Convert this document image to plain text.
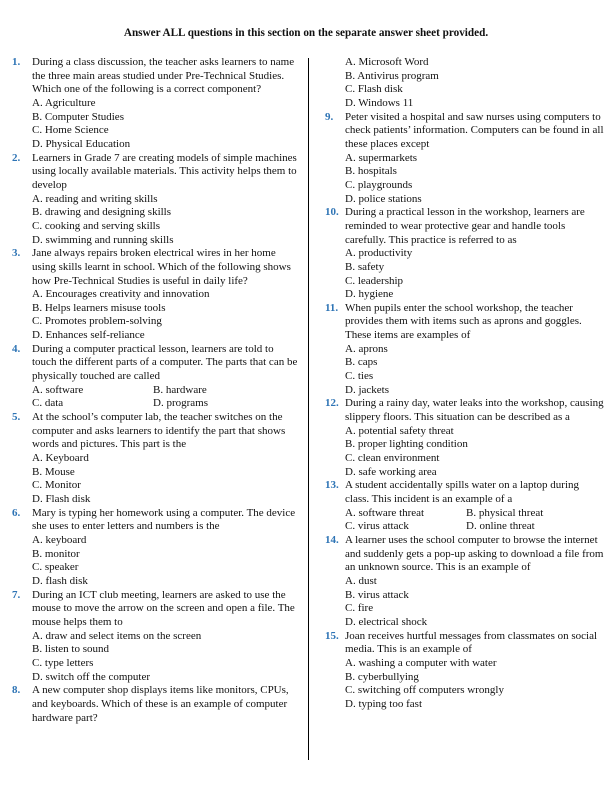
Answer ALL questions in this section on the separate answer sheet provided.
1. During a class discussion, the teacher asks learners to name the three main areas studied under Pre-Technical Studies. Which one of the following is a correct component?
A. Agriculture
B. Computer Studies
C. Home Science
D. Physical Education
2. Learners in Grade 7 are creating models of simple machines using locally available materials. This activity helps them to develop
A. reading and writing skills
B. drawing and designing skills
C. cooking and serving skills
D. swimming and running skills
3. Jane always repairs broken electrical wires in her home using skills learnt in school. Which of the following shows how Pre-Technical Studies is useful in daily life?
A. Encourages creativity and innovation
B. Helps learners misuse tools
C. Promotes problem-solving
D. Enhances self-reliance
4. During a computer practical lesson, learners are told to touch the different parts of a computer. The parts that can be physically touched are called
A. software	B. hardware
C. data	D. programs
5. At the school’s computer lab, the teacher switches on the computer and asks learners to identify the part that shows words and pictures. This part is the
A. Keyboard
B. Mouse
C. Monitor
D. Flash disk
6. Mary is typing her homework using a computer. The device she uses to enter letters and numbers is the
A. keyboard
B. monitor
C. speaker
D. flash disk
7. During an ICT club meeting, learners are asked to use the mouse to move the arrow on the screen and open a file. The mouse helps them to
A. draw and select items on the screen
B. listen to sound
C. type letters
D. switch off the computer
8. A new computer shop displays items like monitors, CPUs, and keyboards. Which of these is an example of computer hardware part?
A. Microsoft Word
B. Antivirus program
C. Flash disk
D. Windows 11
9. Peter visited a hospital and saw nurses using computers to check patients’ information. Computers can be found in all these places except
A. supermarkets
B. hospitals
C. playgrounds
D. police stations
10. During a practical lesson in the workshop, learners are reminded to wear protective gear and handle tools carefully. This practice is referred to as
A. productivity
B. safety
C. leadership
D. hygiene
11. When pupils enter the school workshop, the teacher provides them with items such as aprons and goggles. These items are examples of
A. aprons
B. caps
C. ties
D. jackets
12. During a rainy day, water leaks into the workshop, causing slippery floors. This situation can be described as a
A. potential safety threat
B. proper lighting condition
C. clean environment
D. safe working area
13. A student accidentally spills water on a laptop during class. This incident is an example of a
A. software threat	B. physical threat
C. virus attack	D. online threat
14. A learner uses the school computer to browse the internet and suddenly gets a pop-up asking to download a file from an unknown source. This is an example of
A. dust
B. virus attack
C. fire
D. electrical shock
15. Joan receives hurtful messages from classmates on social media. This is an example of
A. washing a computer with water
B. cyberbullying
C. switching off computers wrongly
D. typing too fast
